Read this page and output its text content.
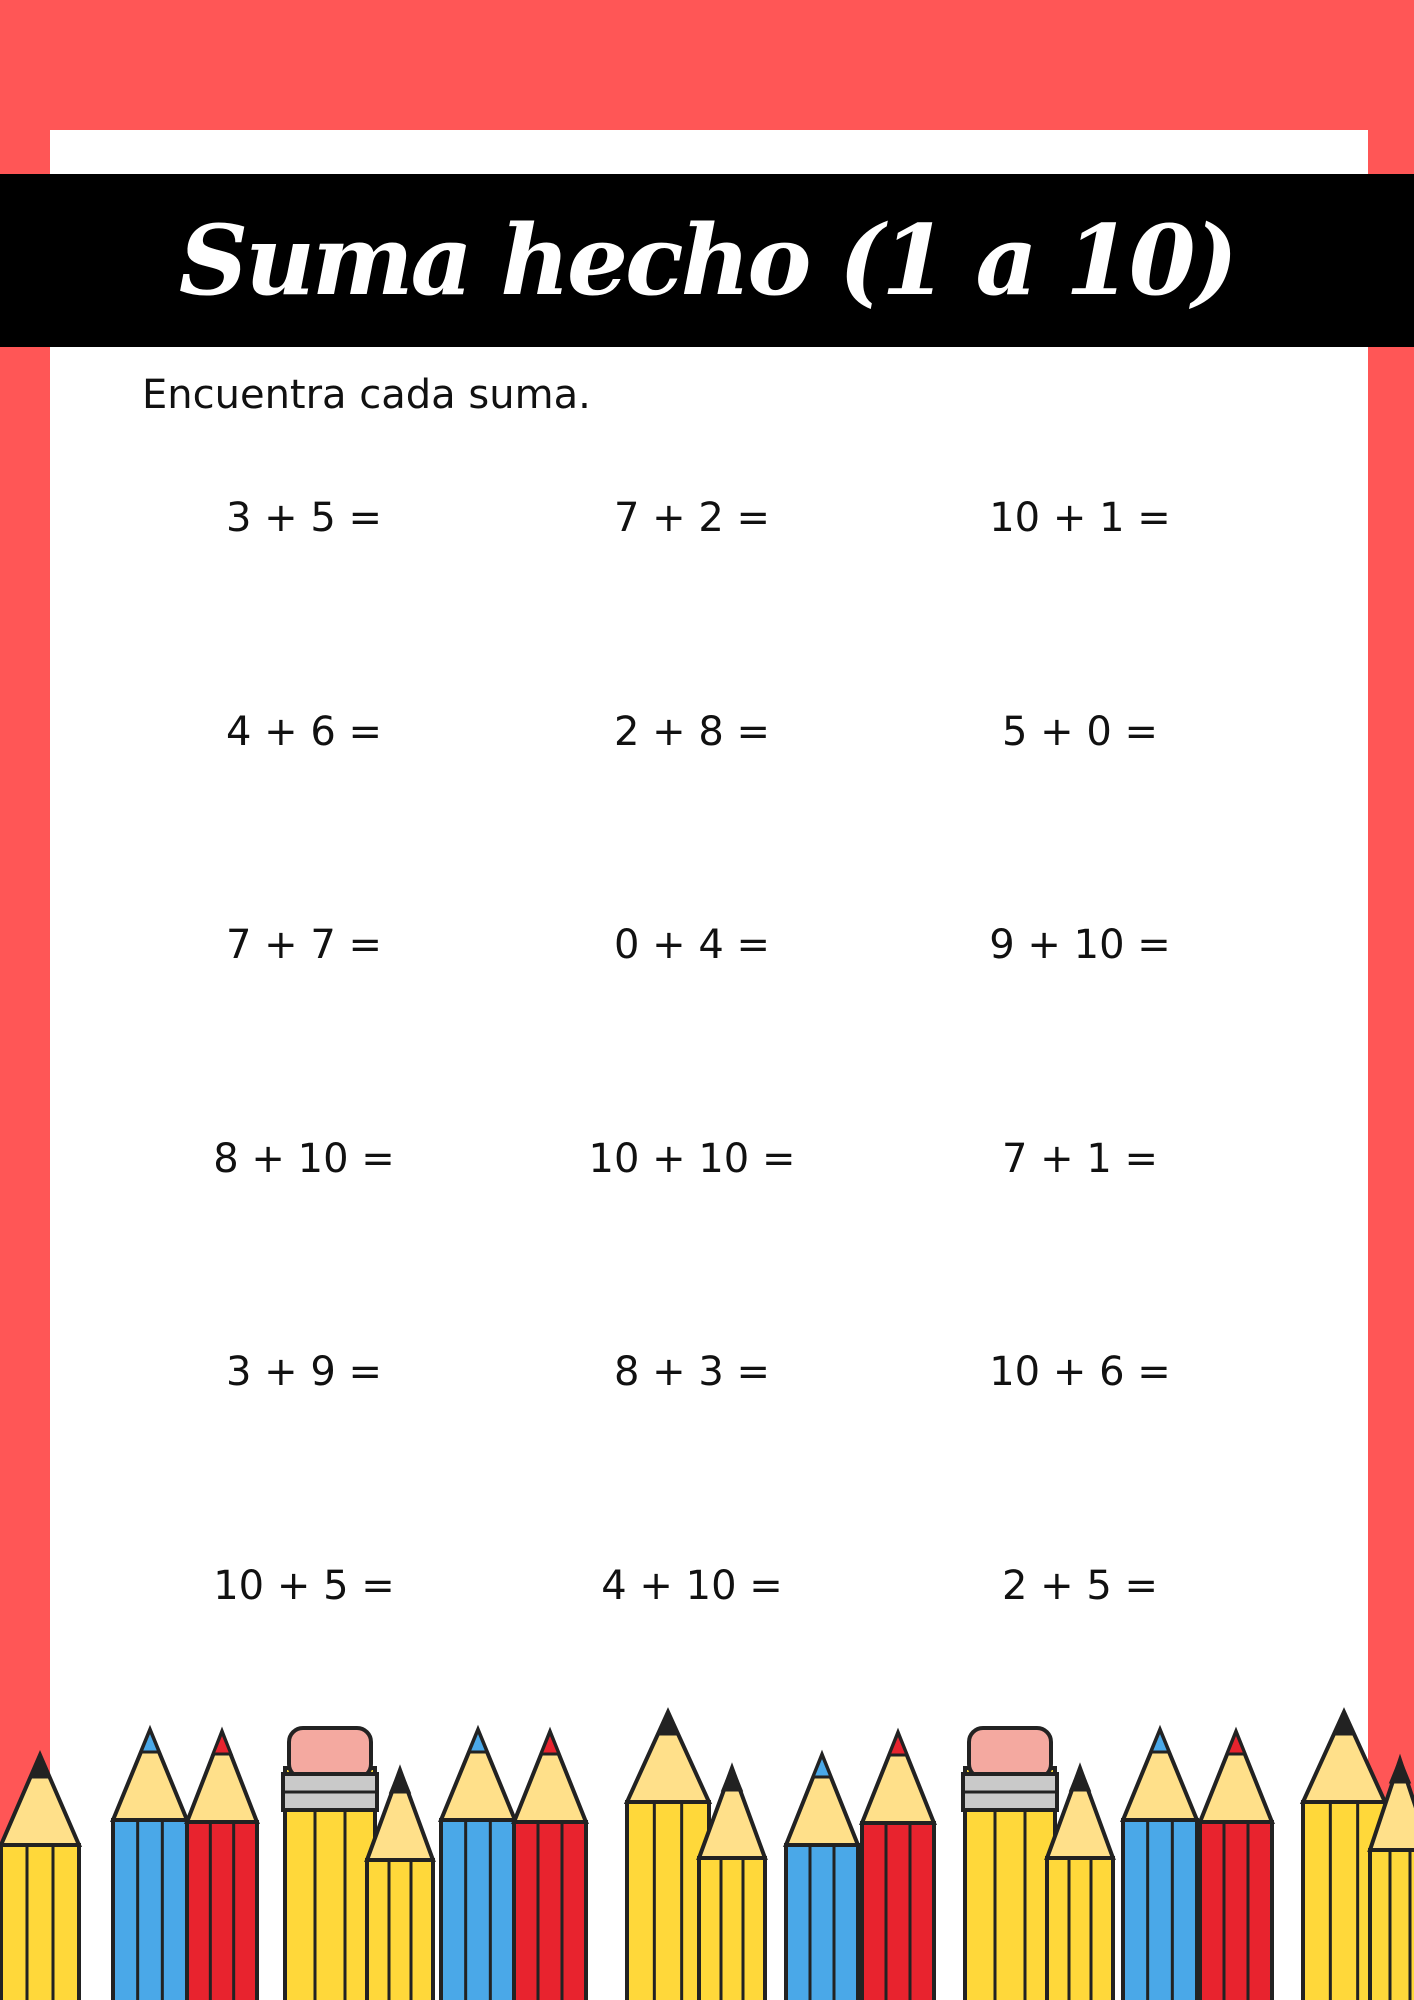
Suma hecho (1 a 10)

Encuentra cada suma.

3 + 5 =	7 + 2 =	10 + 1 =

4 + 6 =	2 + 8 =	5 + 0 =

7 + 7 =	0 + 4 =	9 + 10 =

8 + 10 =	10 + 10 =	7 + 1 =

3 + 9 =	8 + 3 =	10 + 6 =

10 + 5 =	4 + 10 =	2 + 5 =
